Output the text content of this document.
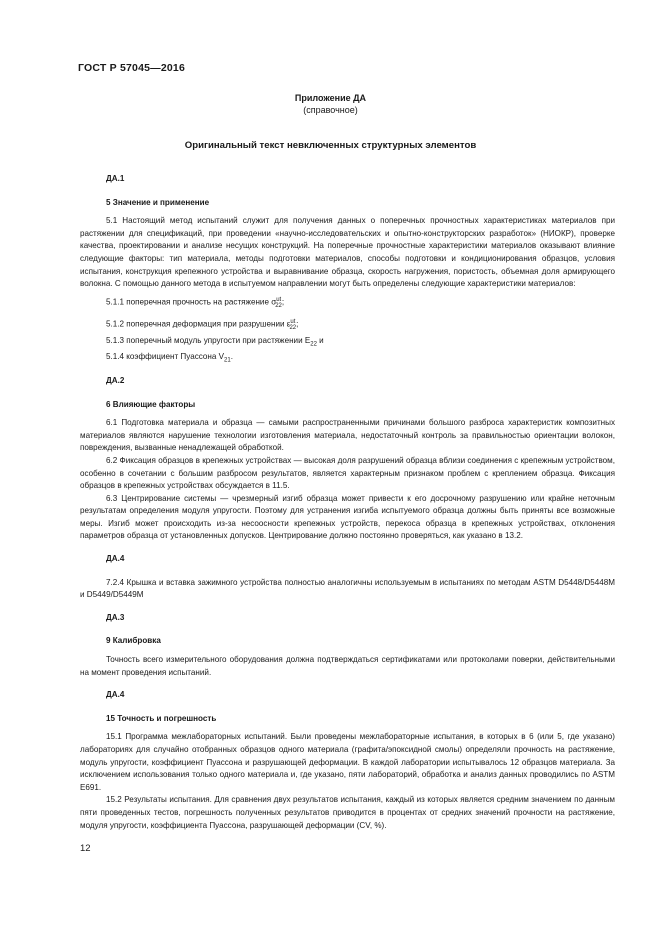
ГОСТ Р 57045—2016
Приложение ДА
(справочное)
Оригинальный текст невключенных структурных элементов
ДА.1
5 Значение и применение

5.1 Настоящий метод испытаний служит для получения данных о поперечных прочностных характеристиках материалов при растяжении для спецификаций, при проведении «научно-исследовательских и опытно-конструкторских разработок» (НИОКР), проверке качества, проектировании и анализе несущих конструкций. На поперечные прочностные характеристики материалов оказывают влияние следующие факторы: тип материала, методы подготовки материалов, способы подготовки и кондиционирования образцов, условия испытания, конструкция крепежного устройства и выравнивание образца, скорость нагружения, пористость, объемная доля армирующего волокна. С помощью данного метода в испытуемом направлении могут быть определены следующие характеристики материалов:

5.1.1 поперечная прочность на растяжение $\sigma^{ut}_{22}$;
5.1.2 поперечная деформация при разрушении $\varepsilon^{ut}_{22}$;
5.1.3 поперечный модуль упругости при растяжении $E_{22}$ и
5.1.4 коэффициент Пуассона $V_{21}$.
ДА.2
6 Влияющие факторы

6.1 Подготовка материала и образца — самыми распространенными причинами большого разброса характеристик композитных материалов являются нарушение технологии изготовления материала, недостаточный контроль за правильностью ориентации волокон, повреждения, вызванные ненадлежащей обработкой.

6.2 Фиксация образцов в крепежных устройствах — высокая доля разрушений образца вблизи соединения с крепежным устройством, особенно в сочетании с большим разбросом результатов, является характерным признаком проблем с креплением образца. Фиксация образцов в крепежных устройствах обсуждается в 11.5.

6.3 Центрирование системы — чрезмерный изгиб образца может привести к его досрочному разрушению или крайне неточным результатам определения модуля упругости. Поэтому для устранения изгиба испытуемого образца должны быть приняты все возможные меры. Изгиб может происходить из-за несоосности крепежных устройств, перекоса образца в крепежных устройствах, отклонения параметров образца от установленных допусков. Центрирование должно постоянно проверяться, как указано в 13.2.

ДА.4

7.2.4 Крышка и вставка зажимного устройства полностью аналогичны используемым в испытаниях по методам ASTM D5448/D5448M и D5449/D5449M

ДА.3
9 Калибровка

Точность всего измерительного оборудования должна подтверждаться сертификатами или протоколами поверки, действительными на момент проведения испытаний.

ДА.4
15 Точность и погрешность

15.1 Программа межлабораторных испытаний. Были проведены межлабораторные испытания, в которых в 6 (или 5, где указано) лабораториях для случайно отобранных образцов одного материала (графита/эпоксидной смолы) определяли прочность на растяжение, модуль упругости, коэффициент Пуассона и разрушающей деформации. В каждой лаборатории испытывалось 12 образцов материала. За исключением использования только одного материала и, где указано, пяти лабораторий, обработка и анализ данных проводились по ASTM E691.

15.2 Результаты испытания. Для сравнения двух результатов испытания, каждый из которых является средним значением по данным пяти проведенных тестов, погрешность полученных результатов приводится в процентах от средних значений прочности на растяжение, модуля упругости, коэффициента Пуассона, разрушающей деформации (CV, %).

12
